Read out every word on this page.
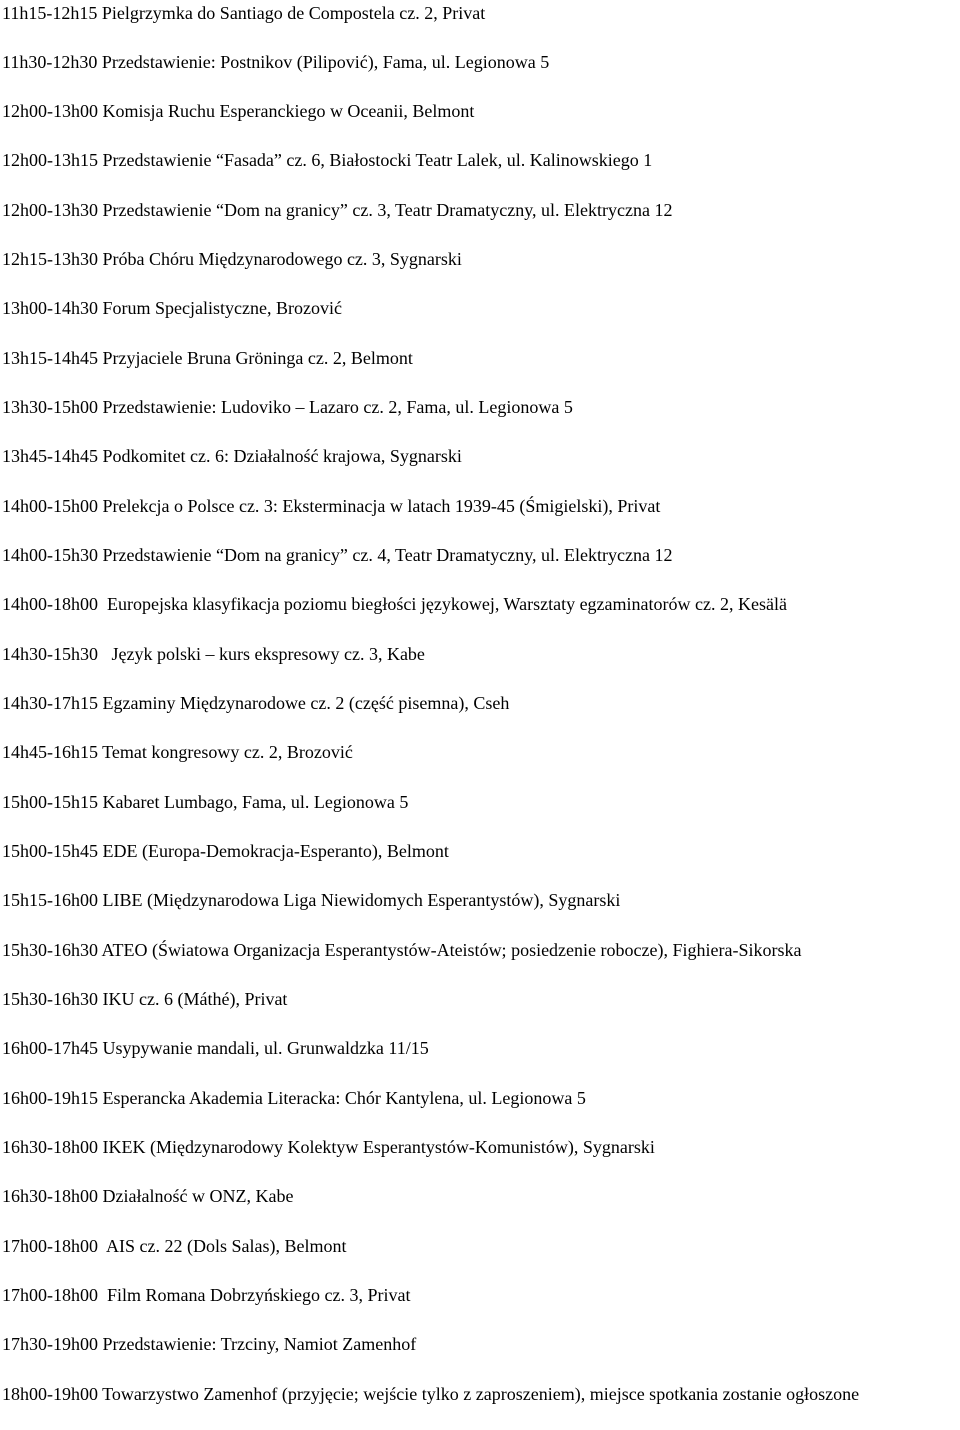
11h15-12h15 Pielgrzymka do Santiago de Compostela cz. 2, Privat
11h30-12h30 Przedstawienie: Postnikov (Pilipović), Fama, ul. Legionowa 5
12h00-13h00 Komisja Ruchu Esperanckiego w Oceanii, Belmont
12h00-13h15 Przedstawienie “Fasada” cz. 6, Białostocki Teatr Lalek, ul. Kalinowskiego 1
12h00-13h30 Przedstawienie “Dom na granicy” cz. 3, Teatr Dramatyczny, ul. Elektryczna 12
12h15-13h30 Próba Chóru Międzynarodowego cz. 3, Sygnarski
13h00-14h30 Forum Specjalistyczne, Brozović
13h15-14h45 Przyjaciele Bruna Gröninga cz. 2, Belmont
13h30-15h00 Przedstawienie: Ludoviko – Lazaro cz. 2, Fama, ul. Legionowa 5
13h45-14h45 Podkomitet cz. 6: Działalność krajowa, Sygnarski
14h00-15h00 Prelekcja o Polsce cz. 3: Eksterminacja w latach 1939-45 (Śmigielski), Privat
14h00-15h30 Przedstawienie “Dom na granicy” cz. 4, Teatr Dramatyczny, ul. Elektryczna 12
14h00-18h00  Europejska klasyfikacja poziomu biegłości językowej, Warsztaty egzaminatorów cz. 2, Kesälä
14h30-15h30   Język polski – kurs ekspresowy cz. 3, Kabe
14h30-17h15 Egzaminy Międzynarodowe cz. 2 (część pisemna), Cseh
14h45-16h15 Temat kongresowy cz. 2, Brozović
15h00-15h15 Kabaret Lumbago, Fama, ul. Legionowa 5
15h00-15h45 EDE (Europa-Demokracja-Esperanto), Belmont
15h15-16h00 LIBE (Międzynarodowa Liga Niewidomych Esperantystów), Sygnarski
15h30-16h30 ATEO (Światowa Organizacja Esperantystów-Ateistów; posiedzenie robocze), Fighiera-Sikorska
15h30-16h30 IKU cz. 6 (Máthé), Privat
16h00-17h45 Usypywanie mandali, ul. Grunwaldzka 11/15
16h00-19h15 Esperancka Akademia Literacka: Chór Kantylena, ul. Legionowa 5
16h30-18h00 IKEK (Międzynarodowy Kolektyw Esperantystów-Komunistów), Sygnarski
16h30-18h00 Działalność w ONZ, Kabe
17h00-18h00  AIS cz. 22 (Dols Salas), Belmont
17h00-18h00  Film Romana Dobrzyńskiego cz. 3, Privat
17h30-19h00 Przedstawienie: Trzciny, Namiot Zamenhof
18h00-19h00 Towarzystwo Zamenhof (przyjęcie; wejście tylko z zaproszeniem), miejsce spotkania zostanie ogłoszone
